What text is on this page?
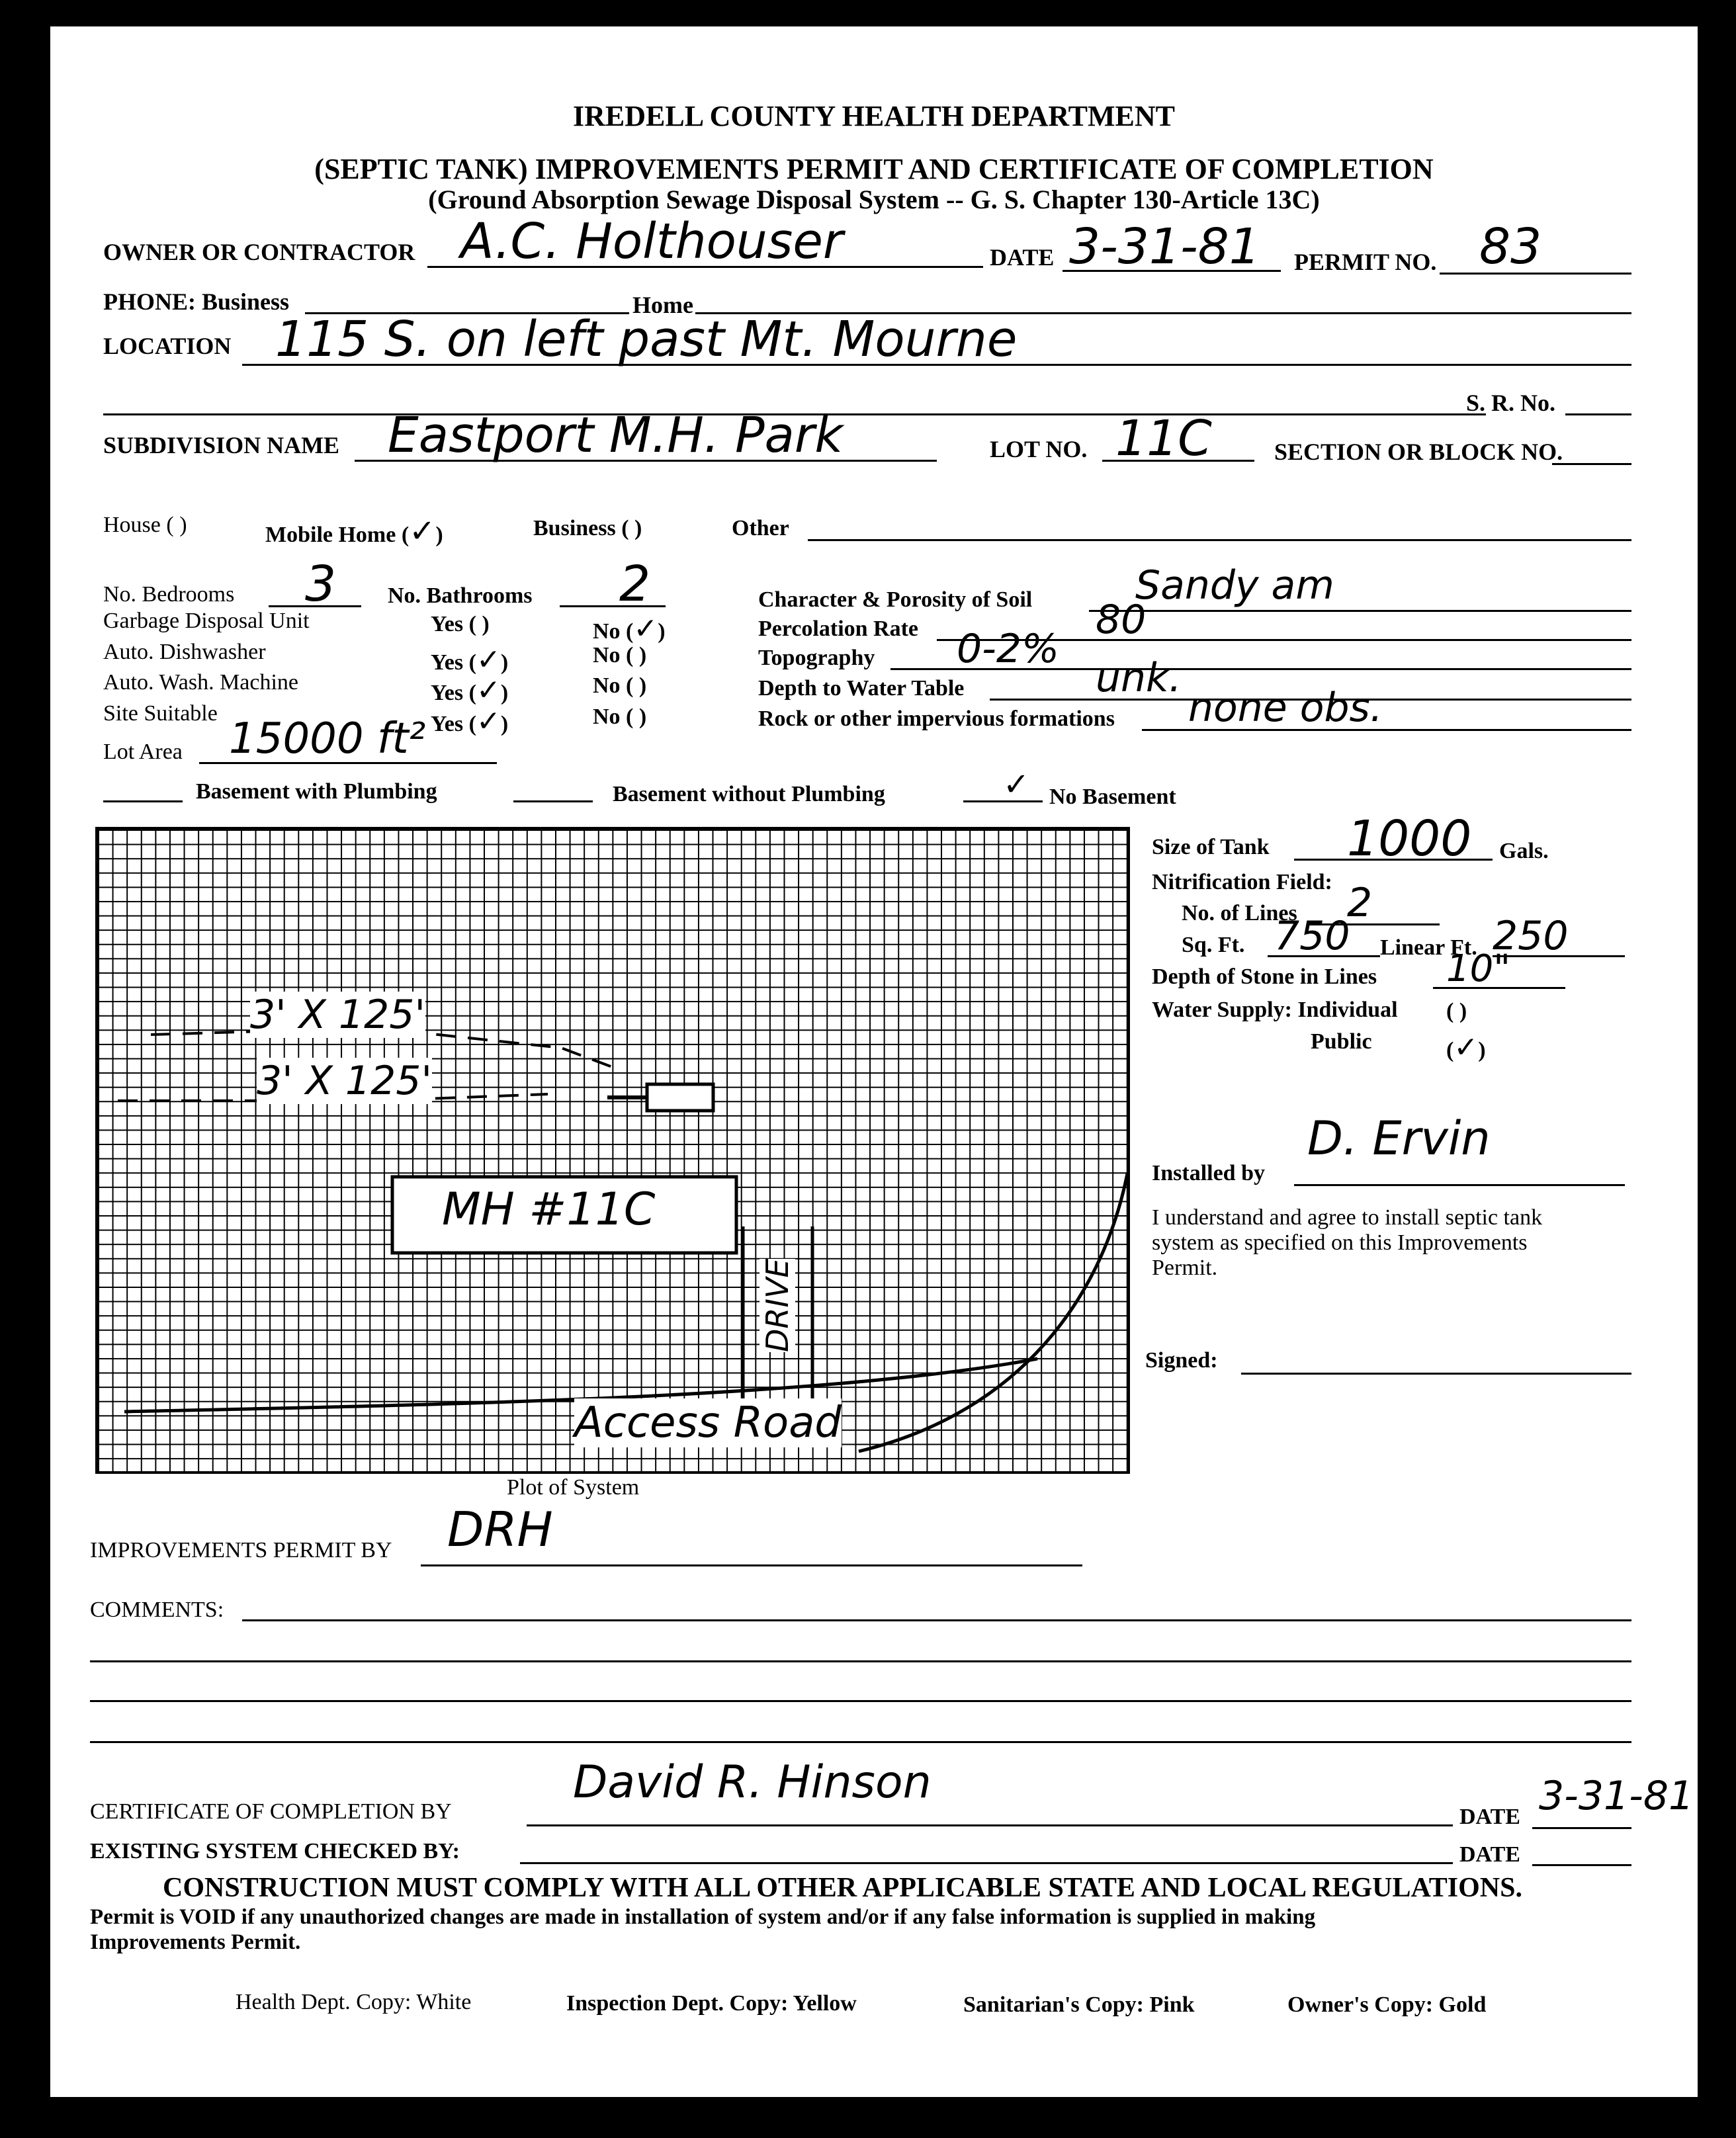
IREDELL COUNTY HEALTH DEPARTMENT
(SEPTIC TANK) IMPROVEMENTS PERMIT AND CERTIFICATE OF COMPLETION
(Ground Absorption Sewage Disposal System -- G. S. Chapter 130-Article 13C)
OWNER OR CONTRACTOR A.C. Holthouser	DATE 3-31-81 PERMIT NO. 83
PHONE: Business	Home
LOCATION 115 S. on left past Mt. Mourne
S. R. No.
SUBDIVISION NAME Eastport M.H. Park	LOT NO. 11C	SECTION OR BLOCK NO.
House ( )	Mobile Home (✓)	Business ( )	Other
No. Bedrooms 3 No. Bathrooms 2
Garbage Disposal Unit	Yes ( )	No (✓)
Auto. Dishwasher	Yes (✓)	No ( )
Auto. Wash. Machine	Yes (✓)	No ( )
Site Suitable	Yes (✓)	No ( )
Character & Porosity of Soil	Sandy am
Percolation Rate	80
Topography 0-2%
Depth to Water Table	unk.
Rock or other impervious formations none obs.
Lot Area 15000 ft²
Basement with Plumbing	Basement without Plumbing	✓ No Basement
3' X 125'
3' X 125'
MH #11C
DRIVE
Access Road
Plot of System
Size of Tank 1000 Gals.
Nitrification Field:
No. of Lines 2
Sq. Ft. 750 Linear Ft. 250
Depth of Stone in Lines 10"
Water Supply: Individual ( )
Public	(✓)
Installed by
D. Ervin
I understand and agree to install septic tank
system as specified on this Improvements
Permit.
Signed:
IMPROVEMENTS PERMIT BY DRH
COMMENTS:
CERTIFICATE OF COMPLETION BY
David R. Hinson
DATE 3-31-81
EXISTING SYSTEM CHECKED BY:	DATE
CONSTRUCTION MUST COMPLY WITH ALL OTHER APPLICABLE STATE AND LOCAL REGULATIONS.
Permit is VOID if any unauthorized changes are made in installation of system and/or if any false information is supplied in making
Improvements Permit.
Health Dept. Copy: White	Inspection Dept. Copy: Yellow	Sanitarian's Copy: Pink	Owner's Copy: Gold
